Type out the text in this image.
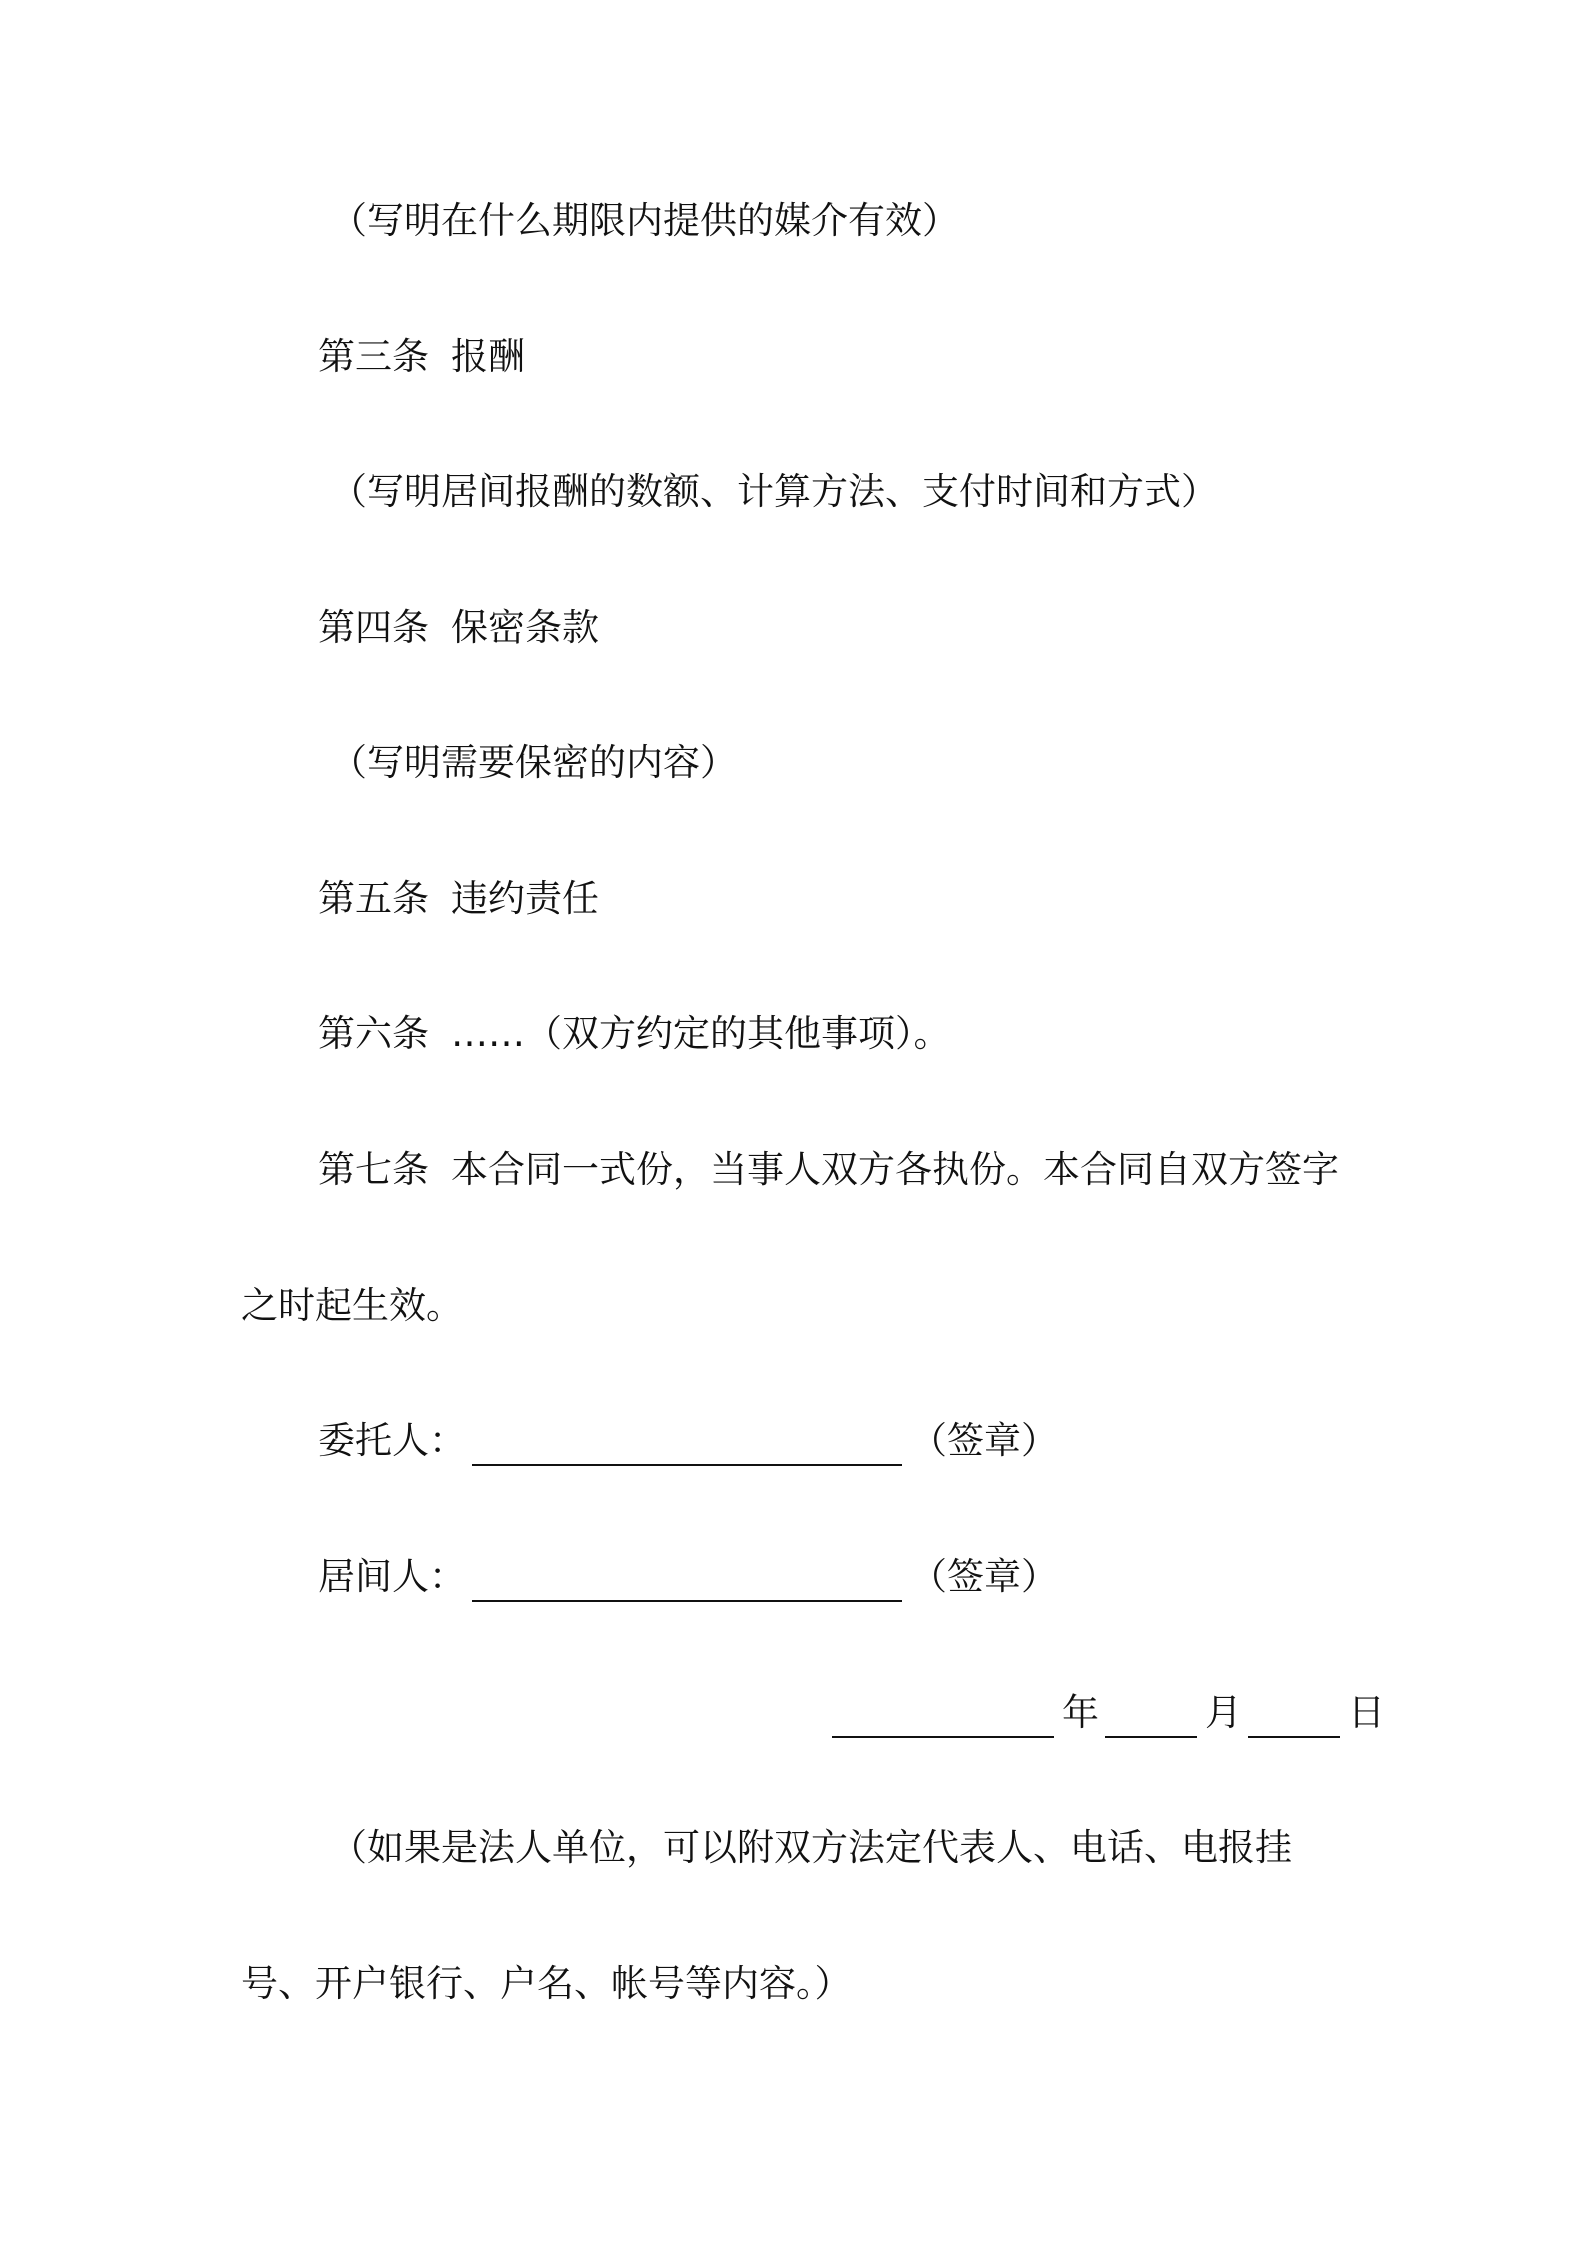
（写明在什么期限内提供的媒介有效）

第三条 报酬

（写明居间报酬的数额、计算方法、支付时间和方式）

第四条 保密条款

（写明需要保密的内容）

第五条 违约责任

第六条 ……（双方约定的其他事项）。

第七条 本合同一式份，当事人双方各执份。本合同自双方签字

之时起生效。

委托人：	（签章）

居间人：	（签章）

年	月	日

（如果是法人单位，可以附双方法定代表人、电话、电报挂

号、开户银行、户名、帐号等内容。）
